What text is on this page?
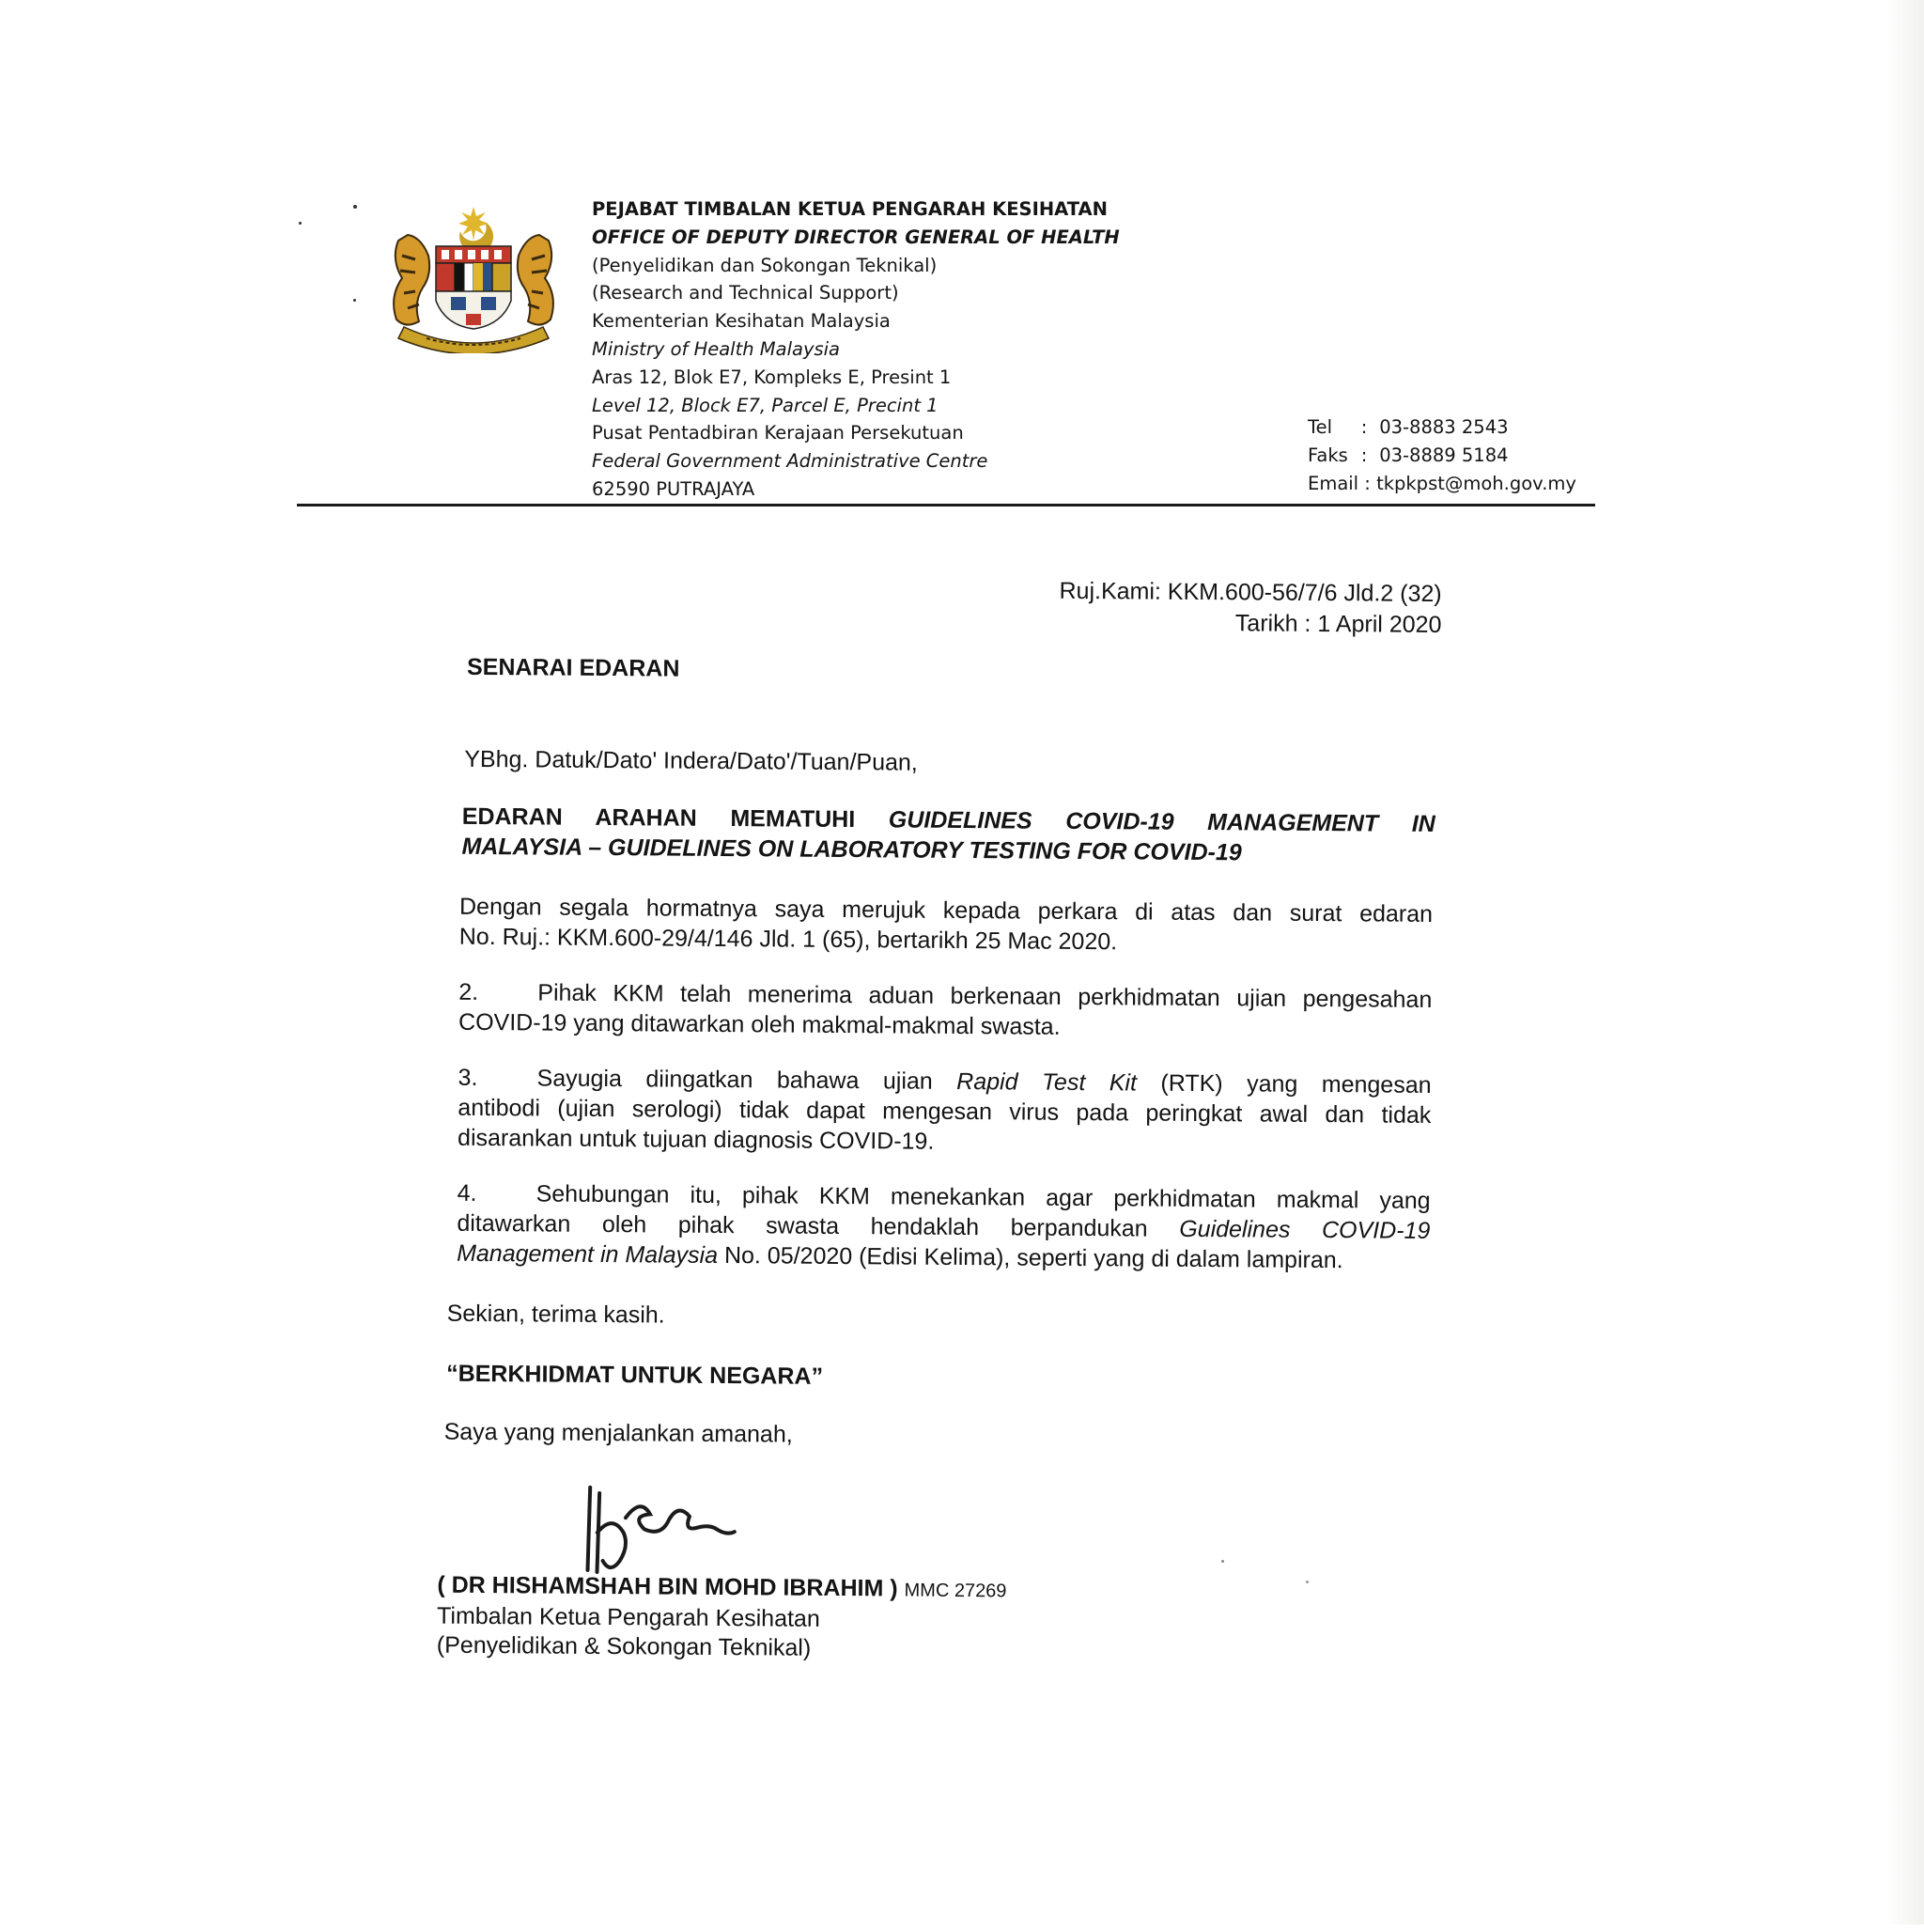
PEJABAT TIMBALAN KETUA PENGARAH KESIHATAN
OFFICE OF DEPUTY DIRECTOR GENERAL OF HEALTH
(Penyelidikan dan Sokongan Teknikal)
(Research and Technical Support)
Kementerian Kesihatan Malaysia
Ministry of Health Malaysia
Aras 12, Blok E7, Kompleks E, Presint 1
Level 12, Block E7, Parcel E, Precint 1
Pusat Pentadbiran Kerajaan Persekutuan
Federal Government Administrative Centre
62590 PUTRAJAYA
Tel : 03-8883 2543
Faks : 03-8889 5184
Email : tkpkpst@moh.gov.my
Ruj.Kami: KKM.600-56/7/6 Jld.2 (32)
Tarikh : 1 April 2020
SENARAI EDARAN
YBhg. Datuk/Dato' Indera/Dato'/Tuan/Puan,
EDARAN ARAHAN MEMATUHI GUIDELINES COVID-19 MANAGEMENT IN
MALAYSIA – GUIDELINES ON LABORATORY TESTING FOR COVID-19
Dengan segala hormatnya saya merujuk kepada perkara di atas dan surat edaran
No. Ruj.: KKM.600-29/4/146 Jld. 1 (65), bertarikh 25 Mac 2020.
2.	Pihak KKM telah menerima aduan berkenaan perkhidmatan ujian pengesahan
COVID-19 yang ditawarkan oleh makmal-makmal swasta.
3.	Sayugia diingatkan bahawa ujian Rapid Test Kit (RTK) yang mengesan
antibodi (ujian serologi) tidak dapat mengesan virus pada peringkat awal dan tidak
disarankan untuk tujuan diagnosis COVID-19.
4.	Sehubungan itu, pihak KKM menekankan agar perkhidmatan makmal yang
ditawarkan oleh pihak swasta hendaklah berpandukan Guidelines COVID-19
Management in Malaysia No. 05/2020 (Edisi Kelima), seperti yang di dalam lampiran.
Sekian, terima kasih.
“BERKHIDMAT UNTUK NEGARA”
Saya yang menjalankan amanah,
( DR HISHAMSHAH BIN MOHD IBRAHIM ) MMC 27269
Timbalan Ketua Pengarah Kesihatan
(Penyelidikan & Sokongan Teknikal)
